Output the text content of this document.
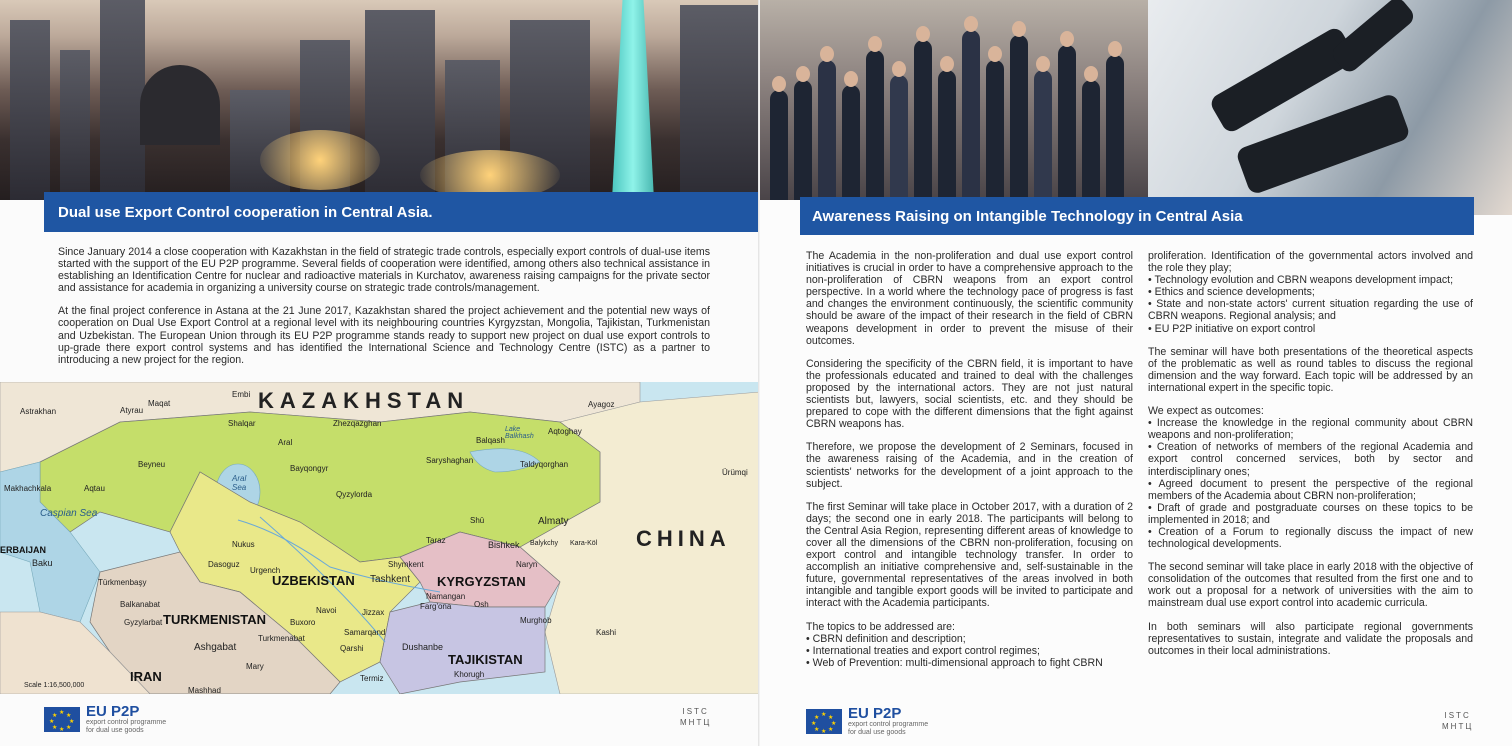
Dual use Export Control cooperation in Central Asia.

Since January 2014 a close cooperation with Kazakhstan in the field of strategic trade controls, especially export controls of dual-use items started with the support of the EU P2P programme. Several fields of cooperation were identified, among others also technical assistance in establishing an Identification Centre for nuclear and radioactive materials in Kurchatov, awareness raising campaigns for the private sector and assistance for academia in organizing a university course on strategic trade controls/management.

At the final project conference in Astana at the 21 June 2017, Kazakhstan shared the project achievement and the potential new ways of cooperation on Dual Use Export Control at a regional level with its neighbouring countries Kyrgyzstan, Mongolia, Tajikistan, Turkmenistan and Uzbekistan. The European Union through its EU P2P programme stands ready to support new project on dual use export controls to up-grade there export control systems and has identified the International Science and Technology Centre (ISTC) as a partner to introducing a new project for the region.

KAZAKHSTAN
CHINA
UZBEKISTAN	KYRGYZSTAN
TURKMENISTAN
TAJIKISTAN
IRAN
ERBAIJAN
Caspian Sea
Aral Sea
Lake Balkhash
Astrakhan	Atyrau
Maqat
Embi
Shalqar	Zhezqazghan
Aral	Balqash
Aqtoghay
Ayagoz
Ürümqi
Beyneu
Makhachkala	Aqtau
Bayqongyr
Saryshaghan	Taldyqorghan
Qyzylorda
Shū	Almaty
Bishkek Balykchy Kara-Köl
Taraz
Naryn
Nukus
Dasoguz
Urgench
Shymkent
Tashkent
Baku
Türkmenbaşy
Balkanabat
Gyzylarbat
Navoi	Jizzax
Namangan
Farg'ona	Osh
Buxoro
Samarqand
Turkmenabat
Qarshi
Ashgabat
Mary
Dushanbe
Murghob
Khorugh
Termiz
Mashhad
Kashi
Scale 1:16,500,000
★ ★
★
★
★
★
★
★ EU P2P
export control programme
for dual use goods
ISTC
МНТЦ
Awareness Raising on Intangible Technology in Central Asia

The Academia in the non-proliferation and dual use export control initiatives is crucial in order to have a comprehensive approach to the non-proliferation of CBRN weapons from an export control perspective. In a world where the technology pace of progress is fast and changes the environment continuously, the scientific community should be aware of the impact of their research in the field of CBRN weapons development in order to prevent the misuse of their outcomes.

Considering the specificity of the CBRN field, it is important to have the professionals educated and trained to deal with the challenges proposed by the international actors. They are not just natural scientists but, lawyers, social scientists, etc. and they should be prepared to cope with the different dimensions that the fight against CBRN weapons has.

Therefore, we propose the development of 2 Seminars, focused in the awareness raising of the Academia, and in the creation of scientists' networks for the development of a joint approach to the subject.

The first Seminar will take place in October 2017, with a duration of 2 days; the second one in early 2018. The participants will belong to the Central Asia Region, representing different areas of knowledge to cover all the dimensions of the CBRN non-proliferation, focusing on export control and intangible technology transfer. In order to accomplish an initiative comprehensive and, self-sustainable in the future, governmental representatives of the areas involved in both intangible and tangible export goods will be invited to participate and interact with the Academia participants.

The topics to be addressed are:
• CBRN definition and description;
• International treaties and export control regimes;
• Web of Prevention: multi-dimensional approach to fight CBRN
proliferation. Identification of the governmental actors involved and the role they play;
• Technology evolution and CBRN weapons development impact;
• Ethics and science developments;
• State and non-state actors' current situation regarding the use of CBRN weapons. Regional analysis; and
• EU P2P initiative on export control

The seminar will have both presentations of the theoretical aspects of the problematic as well as round tables to discuss the regional dimension and the way forward. Each topic will be addressed by an international expert in the specific topic.

We expect as outcomes:
• Increase the knowledge in the regional community about CBRN weapons and non-proliferation;
• Creation of networks of members of the regional Academia and export control concerned services, both by sector and interdisciplinary ones;
• Agreed document to present the perspective of the regional members of the Academia about CBRN non-proliferation;
• Draft of grade and postgraduate courses on these topics to be implemented in 2018; and
• Creation of a Forum to regionally discuss the impact of new technological developments.

The second seminar will take place in early 2018 with the objective of consolidation of the outcomes that resulted from the first one and to work out a proposal for a network of universities with the aim to mainstream dual use export control into academic curricula.

In both seminars will also participate regional governments representatives to sustain, integrate and validate the proposals and outcomes in their local administrations.

★ ★
★
★
★
★
★
★ EU P2P
export control programme
for dual use goods
ISTC
МНТЦ
